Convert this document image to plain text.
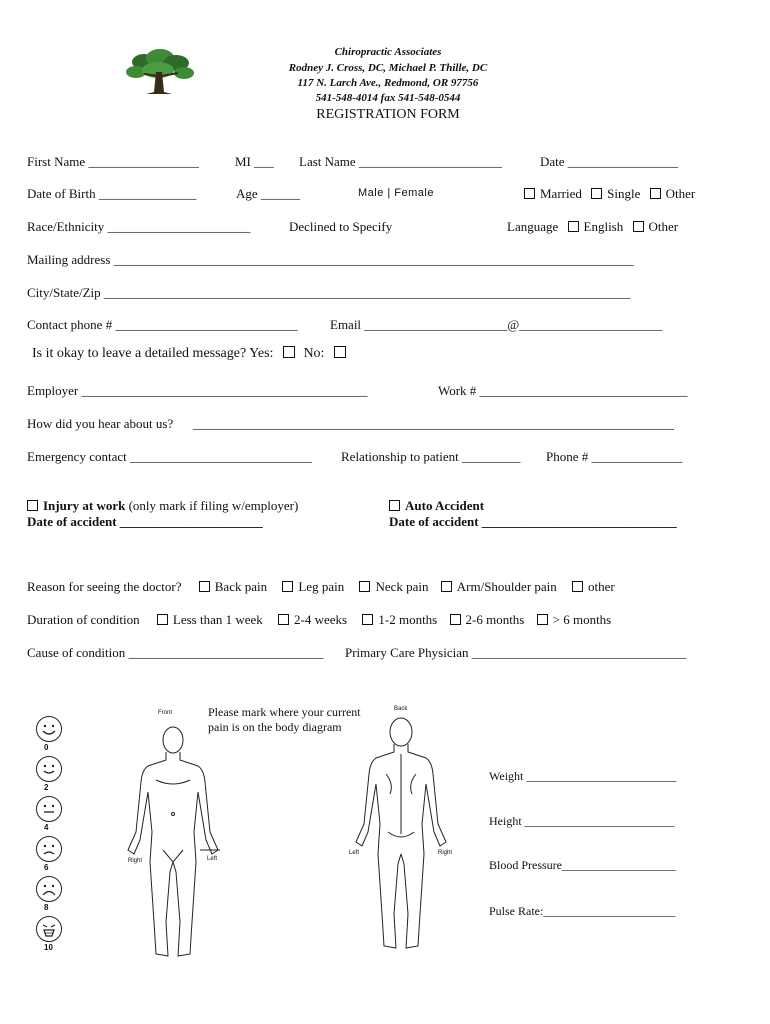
Chiropractic Associates
Rodney J. Cross, DC, Michael P. Thille, DC
117 N. Larch Ave., Redmond, OR 97756
541-548-4014 fax 541-548-0544
REGISTRATION FORM
First Name _________________	MI ___ Last Name ______________________	Date _________________
Date of Birth _______________	Age ______	Male | Female	Married Single Other
Race/Ethnicity ______________________	Declined to Specify	Language English Other
Mailing address ________________________________________________________________________________
City/State/Zip _________________________________________________________________________________
Contact phone # ____________________________	Email ______________________@______________________
Is it okay to leave a detailed message? Yes: No:
Employer ____________________________________________	Work # ________________________________
How did you hear about us? __________________________________________________________________________
Emergency contact ____________________________ Relationship to patient _________ Phone # ______________
Injury at work (only mark if filing w/employer)
Date of accident ______________________
Auto Accident
Date of accident ______________________________
Reason for seeing the doctor?	Back pain Leg pain Neck pain Arm/Shoulder pain other
Duration of condition	Less than 1 week 2-4 weeks 1-2 months 2-6 months > 6 months
Cause of condition ______________________________ Primary Care Physician _________________________________
0
2
4
6
8
10
Please mark where your current
pain is on the body diagram
Front
Right	Left
Back
Left	Right
Weight _________________________
Height _________________________
Blood Pressure___________________
Pulse Rate:______________________
